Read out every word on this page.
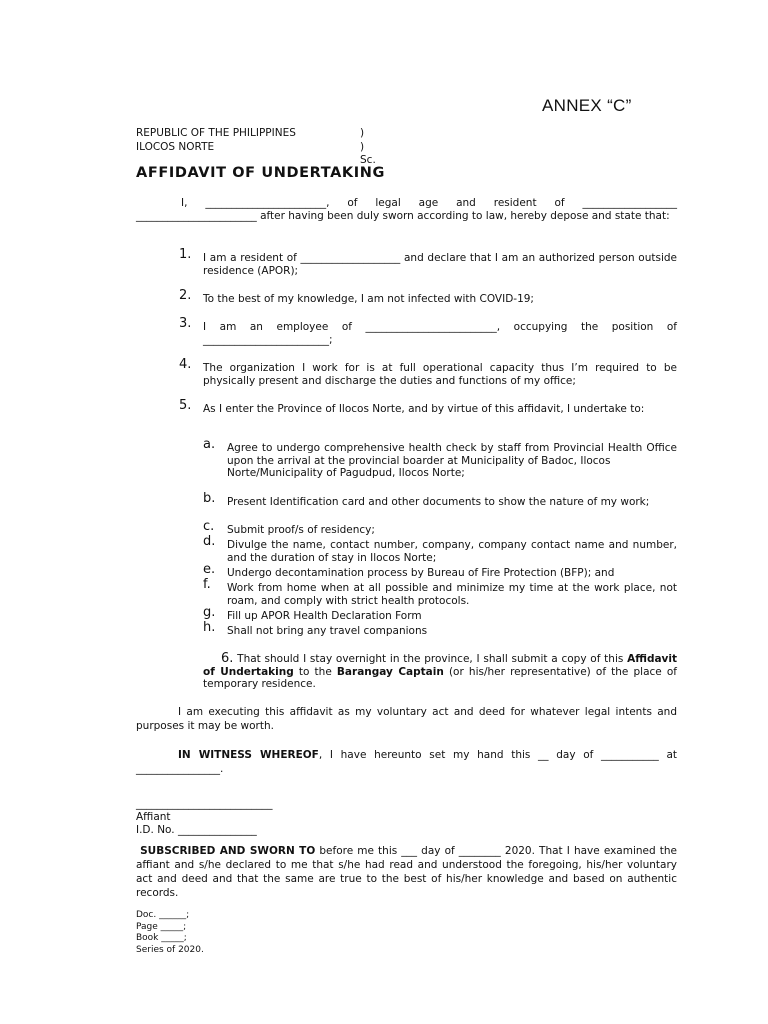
ANNEX “C”
REPUBLIC OF THE PHILIPPINES	)
ILOCOS NORTE	) Sc.
AFFIDAVIT OF UNDERTAKING
I, _______________________, of legal age and resident of __________________ _______________________ after having been duly sworn according to law, hereby depose and state that:
1. I am a resident of ___________________ and declare that I am an authorized person outside residence (APOR);
2. To the best of my knowledge, I am not infected with COVID-19;
3. I am an employee of _________________________, occupying the position of ________________________;
4. The organization I work for is at full operational capacity thus I’m required to be physically present and discharge the duties and functions of my office;
5. As I enter the Province of Ilocos Norte, and by virtue of this affidavit, I undertake to:
a. Agree to undergo comprehensive health check by staff from Provincial Health Office upon the arrival at the provincial boarder at Municipality of Badoc, Ilocos
Norte/Municipality of Pagudpud, Ilocos Norte;
b. Present Identification card and other documents to show the nature of my work;
c. Submit proof/s of residency;
d. Divulge the name, contact number, company, company contact name and number, and the duration of stay in Ilocos Norte;
e. Undergo decontamination process by Bureau of Fire Protection (BFP); and
f. Work from home when at all possible and minimize my time at the work place, not roam, and comply with strict health protocols.
g. Fill up APOR Health Declaration Form
h. Shall not bring any travel companions
6. That should I stay overnight in the province, I shall submit a copy of this Affidavit of Undertaking to the Barangay Captain (or his/her representative) of the place of temporary residence.
I am executing this affidavit as my voluntary act and deed for whatever legal intents and purposes it may be worth.
IN WITNESS WHEREOF, I have hereunto set my hand this __ day of ___________ at ________________.
__________________________
Affiant
I.D. No. _______________
SUBSCRIBED AND SWORN TO before me this ___ day of ________ 2020. That I have examined the affiant and s/he declared to me that s/he had read and understood the foregoing, his/her voluntary act and deed and that the same are true to the best of his/her knowledge and based on authentic records.
Doc. ______;
Page _____;
Book _____;
Series of 2020.
